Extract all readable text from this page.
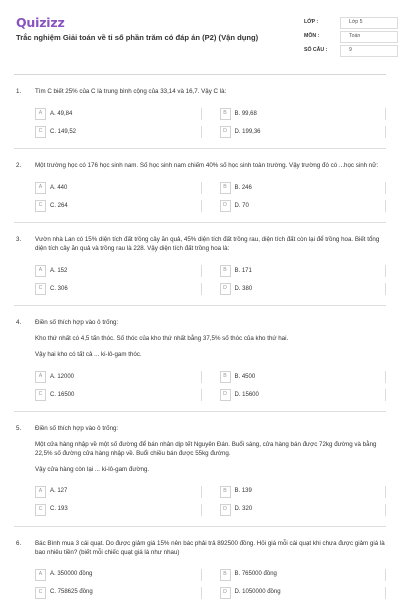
Quizizz
Trắc nghiệm Giải toán về tỉ số phần trăm có đáp án (P2) (Vận dụng)
LỚP :	Lớp 5
MÔN :	Toán
SỐ CÂU :	9
1.	Tìm C biết 25% của C là trung bình cộng của 33,14 và 16,7. Vậy C là:

A	A. 49,84	B	B. 99,68
C	C. 149,52	D	D. 199,36
2.	Một trường học có 176 học sinh nam. Số học sinh nam chiếm 40% số học sinh toàn trường. Vậy trường đó có ...học sinh nữ:

A	A. 440	B	B. 246
C	C. 264	D	D. 70
3.	Vườn nhà Lan có 15% diện tích đất trồng cây ăn quả, 45% diện tích đất trồng rau, diện tích đất còn lại để trồng hoa. Biết tổng diện tích cây ăn quả và trồng rau là 228. Vậy diện tích đất trồng hoa là:

A	A. 152	B	B. 171
C	C. 306	D	D. 380
4.	Điền số thích hợp vào ô trống:

Kho thứ nhất có 4,5 tấn thóc. Số thóc của kho thứ nhất bằng 37,5% số thóc của kho thứ hai.

Vậy hai kho có tất cả ... ki-lô-gam thóc.

A	A. 12000	B	B. 4500
C	C. 16500	D	D. 15600
5.	Điền số thích hợp vào ô trống:

Một cửa hàng nhập về một số đường để bán nhân dịp tết Nguyên Đán. Buổi sáng, cửa hàng bán được 72kg đường và bằng 22,5% số đường cửa hàng nhập về. Buổi chiều bán được 55kg đường.

Vậy cửa hàng còn lại ... ki-lô-gam đường.

A	A. 127	B	B. 139
C	C. 193	D	D. 320
6.	Bác Bình mua 3 cái quạt. Do được giảm giá 15% nên bác phải trả 892500 đồng. Hỏi giá mỗi cái quạt khi chưa được giảm giá là bao nhiêu tiền? (biết mỗi chiếc quạt giá là như nhau)

A	A. 350000 đồng	B	B. 765000 đồng
C	C. 758625 đồng	D	D. 1050000 đồng
